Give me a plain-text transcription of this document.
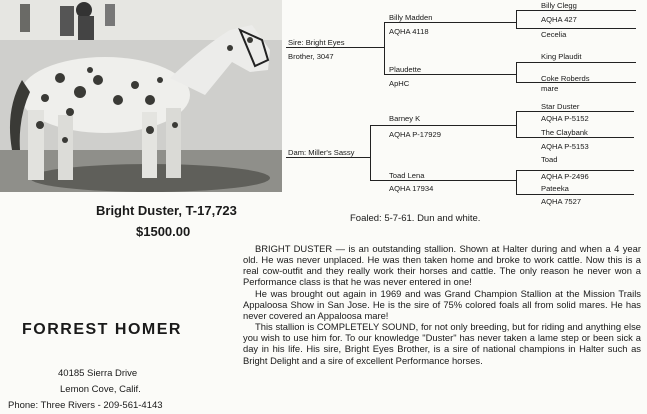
Bright Duster, T-17,723
$1500.00
Sire: Bright Eyes
Brother, 3047
Dam: Miller's Sassy
Billy Madden
AQHA 4118
Plaudette
ApHC
Barney K
AQHA P-17929
Toad Lena
AQHA 17934
Billy Clegg
AQHA 427
Cecelia
King Plaudit
Coke Roberds
mare
Star Duster
AQHA P-5152
The Claybank
AQHA P-5153
Toad
AQHA P-2496
Pateeka
AQHA 7527
Foaled: 5-7-61. Dun and white.
FORREST HOMER
40185 Sierra Drive
Lemon Cove, Calif.
Phone: Three Rivers - 209-561-4143

BRIGHT DUSTER — is an outstanding stallion. Shown at Halter during and when a 4 year old. He was never unplaced. He was then taken home and broke to work cattle. Now this is a real cow-outfit and they really work their horses and cattle. The only reason he never won a Performance class is that he was never entered in one!

He was brought out again in 1969 and was Grand Champion Stallion at the Mission Trails Appaloosa Show in San Jose. He is the sire of 75% colored foals all from solid mares. He has never covered an Appaloosa mare!

This stallion is COMPLETELY SOUND, for not only breeding, but for riding and anything else you wish to use him for. To our knowledge "Duster" has never taken a lame step or been sick a day in his life. His sire, Bright Eyes Brother, is a sire of national champions in Halter such as Bright Delight and a sire of excellent Performance horses.
